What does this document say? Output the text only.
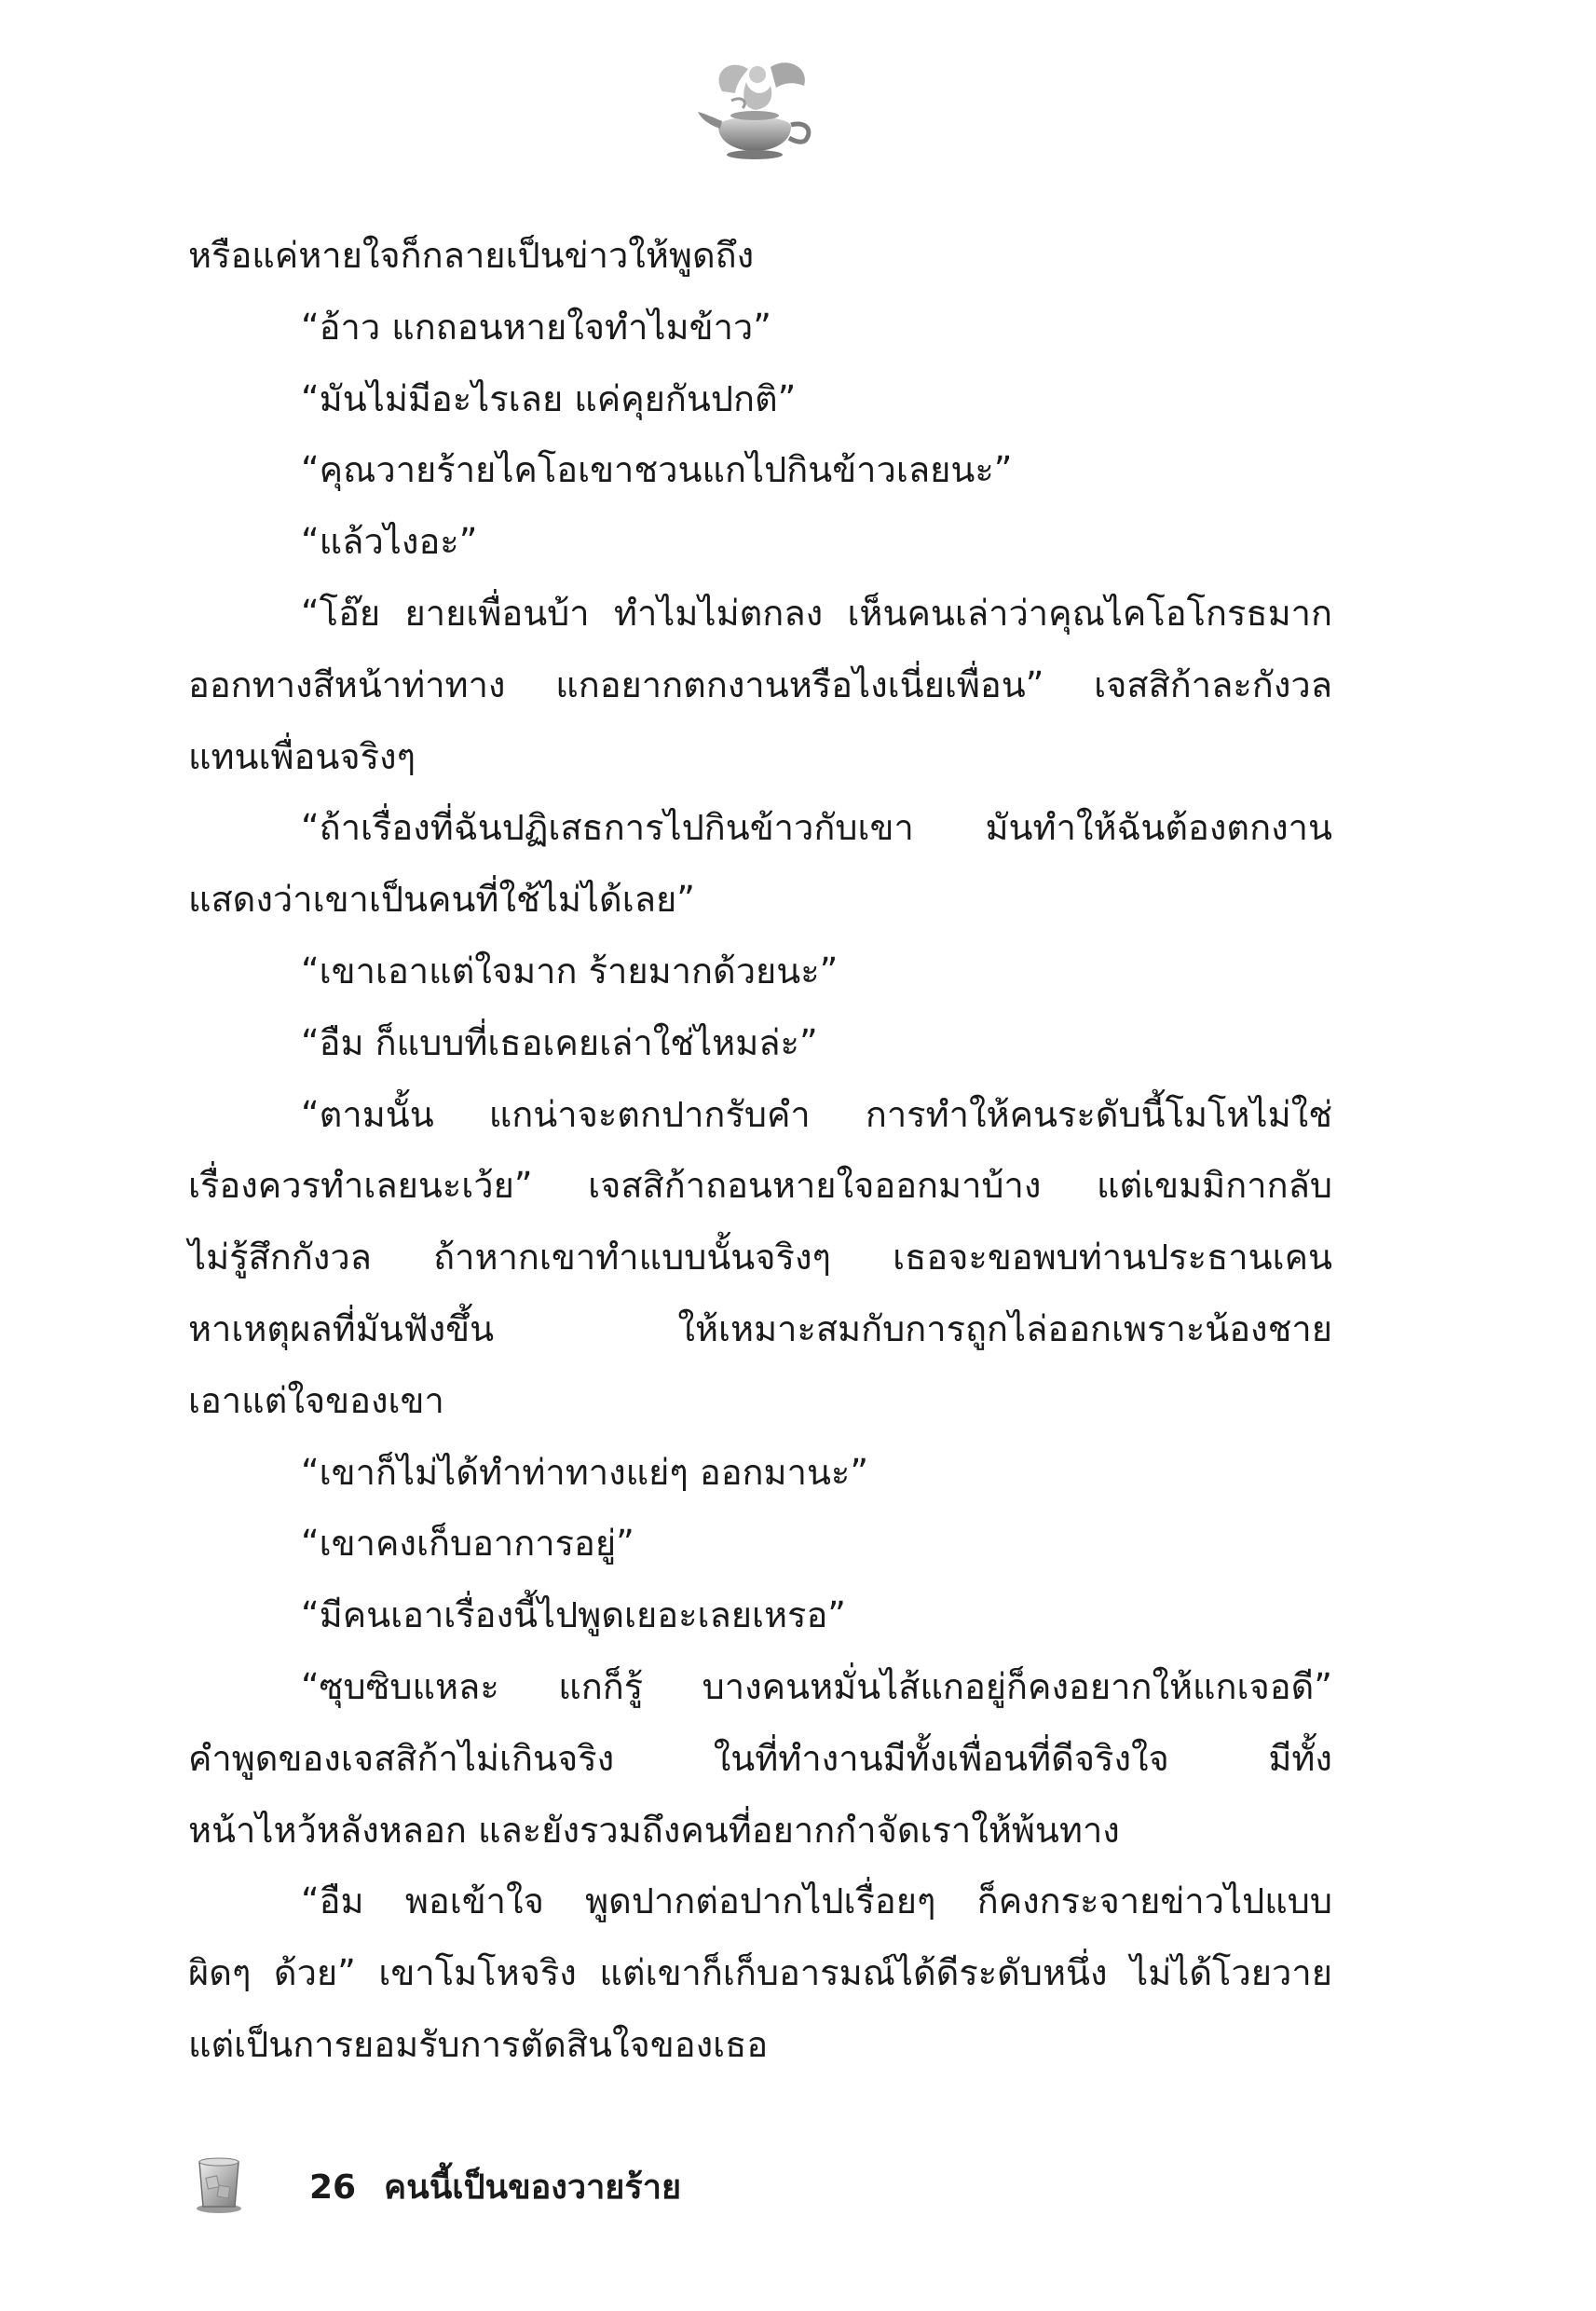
หรือแค่หายใจก็กลายเป็นข่าวให้พูดถึง
“อ้าว แกถอนหายใจทำไมข้าว”
“มันไม่มีอะไรเลย แค่คุยกันปกติ”
“คุณวายร้ายไคโอเขาชวนแกไปกินข้าวเลยนะ”
“แล้วไงอะ”
“โอ๊ย ยายเพื่อนบ้า ทำไมไม่ตกลง เห็นคนเล่าว่าคุณไคโอโกรธมาก
ออกทางสีหน้าท่าทาง แกอยากตกงานหรือไงเนี่ยเพื่อน” เจสสิก้าละกังวล
แทนเพื่อนจริงๆ
“ถ้าเรื่องที่ฉันปฏิเสธการไปกินข้าวกับเขา มันทำให้ฉันต้องตกงาน
แสดงว่าเขาเป็นคนที่ใช้ไม่ได้เลย”
“เขาเอาแต่ใจมาก ร้ายมากด้วยนะ”
“อืม ก็แบบที่เธอเคยเล่าใช่ไหมล่ะ”
“ตามนั้น แกน่าจะตกปากรับคำ การทำให้คนระดับนี้โมโหไม่ใช่
เรื่องควรทำเลยนะเว้ย” เจสสิก้าถอนหายใจออกมาบ้าง แต่เขมมิกากลับ
ไม่รู้สึกกังวล ถ้าหากเขาทำแบบนั้นจริงๆ เธอจะขอพบท่านประธานเคน
หาเหตุผลที่มันฟังขึ้น ให้เหมาะสมกับการถูกไล่ออกเพราะน้องชาย
เอาแต่ใจของเขา
“เขาก็ไม่ได้ทำท่าทางแย่ๆ ออกมานะ”
“เขาคงเก็บอาการอยู่”
“มีคนเอาเรื่องนี้ไปพูดเยอะเลยเหรอ”
“ซุบซิบแหละ แกก็รู้ บางคนหมั่นไส้แกอยู่ก็คงอยากให้แกเจอดี”
คำพูดของเจสสิก้าไม่เกินจริง ในที่ทำงานมีทั้งเพื่อนที่ดีจริงใจ มีทั้ง
หน้าไหว้หลังหลอก และยังรวมถึงคนที่อยากกำจัดเราให้พ้นทาง
“อืม พอเข้าใจ พูดปากต่อปากไปเรื่อยๆ ก็คงกระจายข่าวไปแบบ
ผิดๆ ด้วย” เขาโมโหจริง แต่เขาก็เก็บอารมณ์ได้ดีระดับหนึ่ง ไม่ได้โวยวาย
แต่เป็นการยอมรับการตัดสินใจของเธอ
26 คนนี้เป็นของวายร้าย
